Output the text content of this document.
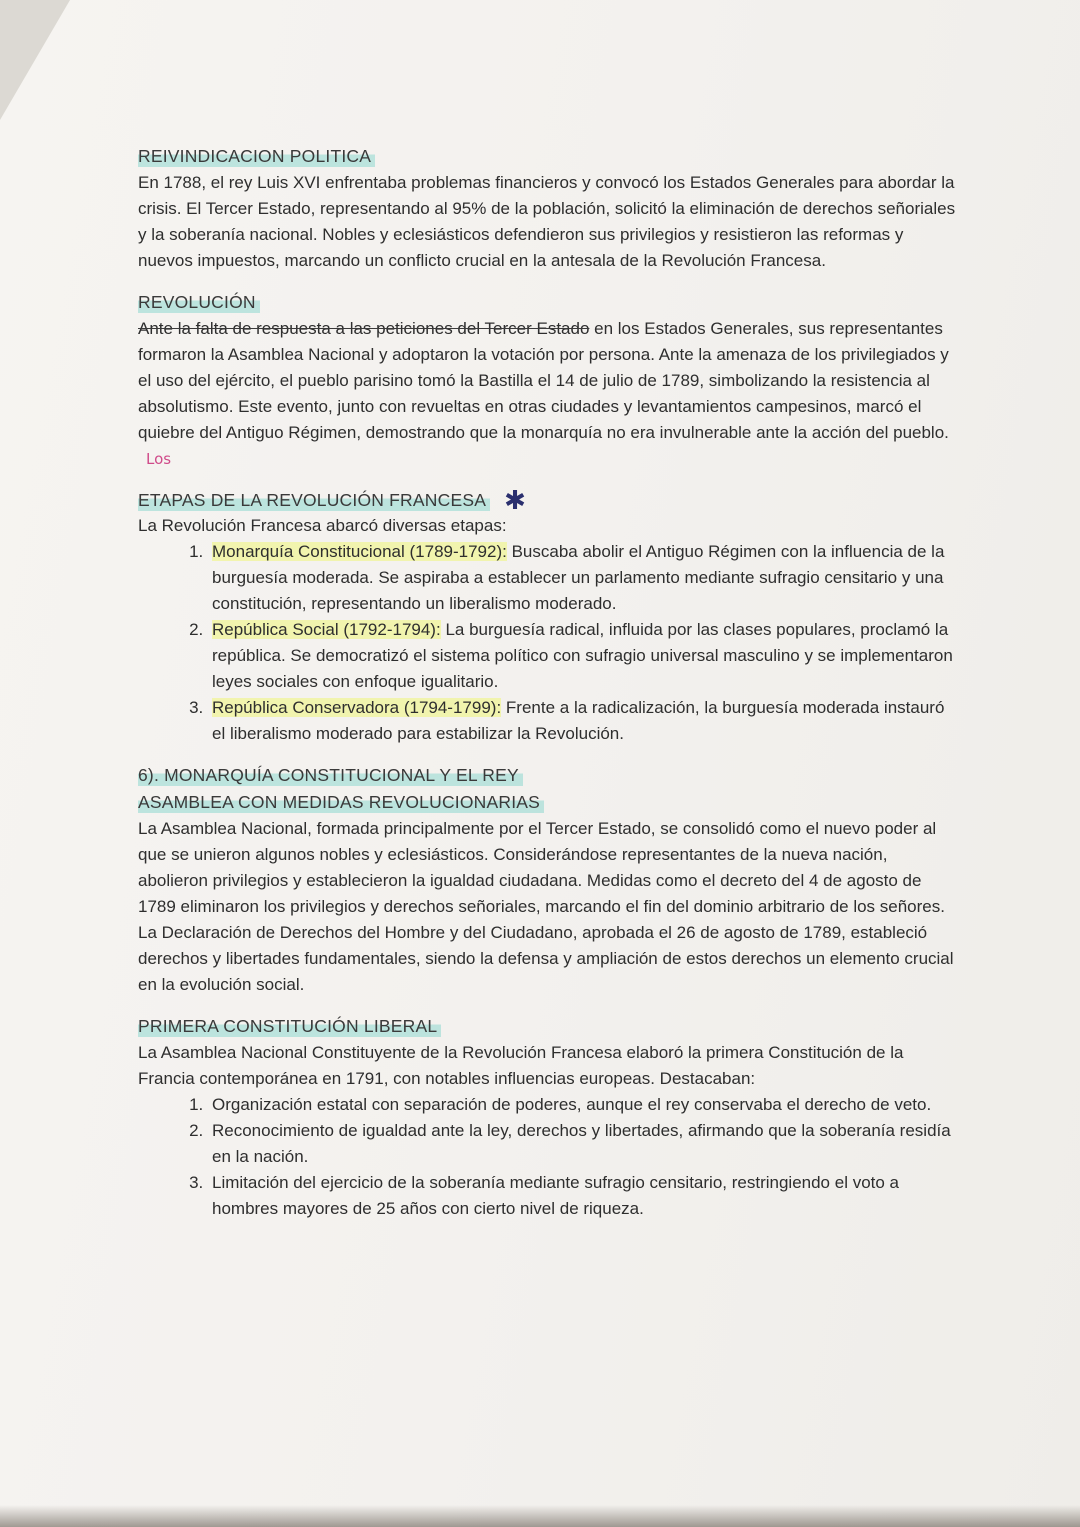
REIVINDICACION POLITICA

En 1788, el rey Luis XVI enfrentaba problemas financieros y convocó los Estados Generales para abordar la crisis. El Tercer Estado, representando al 95% de la población, solicitó la eliminación de derechos señoriales y la soberanía nacional. Nobles y eclesiásticos defendieron sus privilegios y resistieron las reformas y nuevos impuestos, marcando un conflicto crucial en la antesala de la Revolución Francesa.

REVOLUCIÓN

Ante la falta de respuesta a las peticiones del Tercer Estado en los Estados Generales, sus representantes formaron la Asamblea Nacional y adoptaron la votación por persona. Ante la amenaza de los privilegiados y el uso del ejército, el pueblo parisino tomó la Bastilla el 14 de julio de 1789, simbolizando la resistencia al absolutismo. Este evento, junto con revueltas en otras ciudades y levantamientos campesinos, marcó el quiebre del Antiguo Régimen, demostrando que la monarquía no era invulnerable ante la acción del pueblo. Los

ETAPAS DE LA REVOLUCIÓN FRANCESA ✱

La Revolución Francesa abarcó diversas etapas:

1. Monarquía Constitucional (1789-1792): Buscaba abolir el Antiguo Régimen con la influencia de la burguesía moderada. Se aspiraba a establecer un parlamento mediante sufragio censitario y una constitución, representando un liberalismo moderado.
2. República Social (1792-1794): La burguesía radical, influida por las clases populares, proclamó la república. Se democratizó el sistema político con sufragio universal masculino y se implementaron leyes sociales con enfoque igualitario.
3. República Conservadora (1794-1799): Frente a la radicalización, la burguesía moderada instauró el liberalismo moderado para estabilizar la Revolución.
6). MONARQUÍA CONSTITUCIONAL Y EL REY
ASAMBLEA CON MEDIDAS REVOLUCIONARIAS

La Asamblea Nacional, formada principalmente por el Tercer Estado, se consolidó como el nuevo poder al que se unieron algunos nobles y eclesiásticos. Considerándose representantes de la nueva nación, abolieron privilegios y establecieron la igualdad ciudadana. Medidas como el decreto del 4 de agosto de 1789 eliminaron los privilegios y derechos señoriales, marcando el fin del dominio arbitrario de los señores. La Declaración de Derechos del Hombre y del Ciudadano, aprobada el 26 de agosto de 1789, estableció derechos y libertades fundamentales, siendo la defensa y ampliación de estos derechos un elemento crucial en la evolución social.

PRIMERA CONSTITUCIÓN LIBERAL

La Asamblea Nacional Constituyente de la Revolución Francesa elaboró la primera Constitución de la Francia contemporánea en 1791, con notables influencias europeas. Destacaban:

1. Organización estatal con separación de poderes, aunque el rey conservaba el derecho de veto.
2. Reconocimiento de igualdad ante la ley, derechos y libertades, afirmando que la soberanía residía en la nación.
3. Limitación del ejercicio de la soberanía mediante sufragio censitario, restringiendo el voto a hombres mayores de 25 años con cierto nivel de riqueza.
